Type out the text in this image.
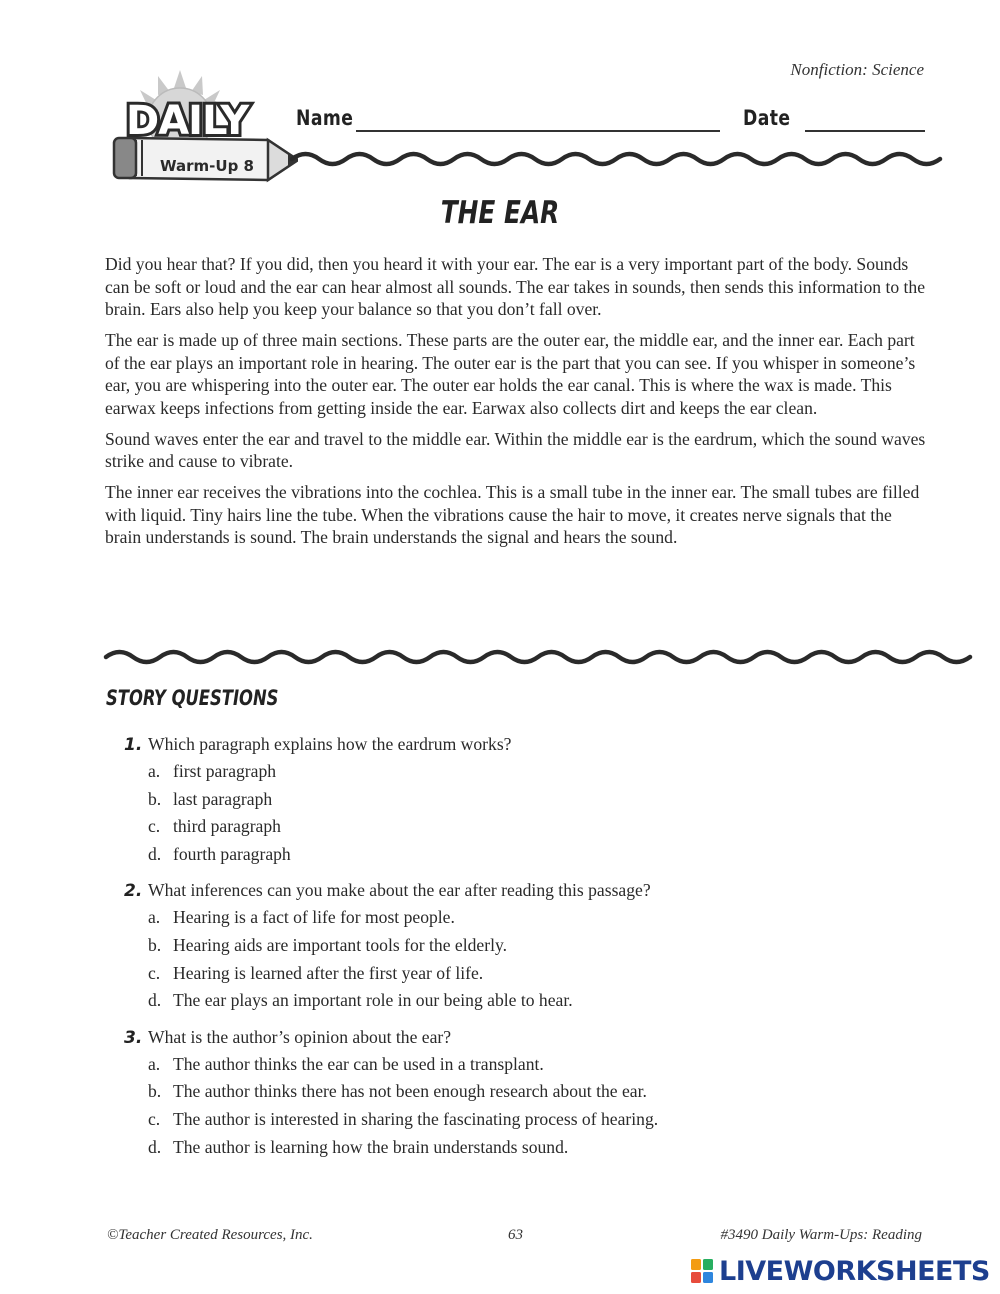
Nonfiction: Science
DAILY
Warm-Up 8
Name	Date
THE EAR

Did you hear that? If you did, then you heard it with your ear. The ear is a very important part of the body. Sounds can be soft or loud and the ear can hear almost all sounds. The ear takes in sounds, then sends this information to the brain. Ears also help you keep your balance so that you don’t fall over.

The ear is made up of three main sections. These parts are the outer ear, the middle ear, and the inner ear. Each part of the ear plays an important role in hearing. The outer ear is the part that you can see. If you whisper in someone’s ear, you are whispering into the outer ear. The outer ear holds the ear canal. This is where the wax is made. This earwax keeps infections from getting inside the ear. Earwax also collects dirt and keeps the ear clean.

Sound waves enter the ear and travel to the middle ear. Within the middle ear is the eardrum, which the sound waves strike and cause to vibrate.

The inner ear receives the vibrations into the cochlea. This is a small tube in the inner ear. The small tubes are filled with liquid. Tiny hairs line the tube. When the vibrations cause the hair to move, it creates nerve signals that the brain understands is sound. The brain understands the signal and hears the sound.

STORY QUESTIONS
1. Which paragraph explains how the eardrum works?
a. first paragraph
b. last paragraph
c. third paragraph
d. fourth paragraph
2. What inferences can you make about the ear after reading this passage?
a. Hearing is a fact of life for most people.
b. Hearing aids are important tools for the elderly.
c. Hearing is learned after the first year of life.
d. The ear plays an important role in our being able to hear.
3. What is the author’s opinion about the ear?
a. The author thinks the ear can be used in a transplant.
b. The author thinks there has not been enough research about the ear.
c. The author is interested in sharing the fascinating process of hearing.
d. The author is learning how the brain understands sound.
©Teacher Created Resources, Inc.	63	#3490 Daily Warm-Ups: Reading
LIVEWORKSHEETS
